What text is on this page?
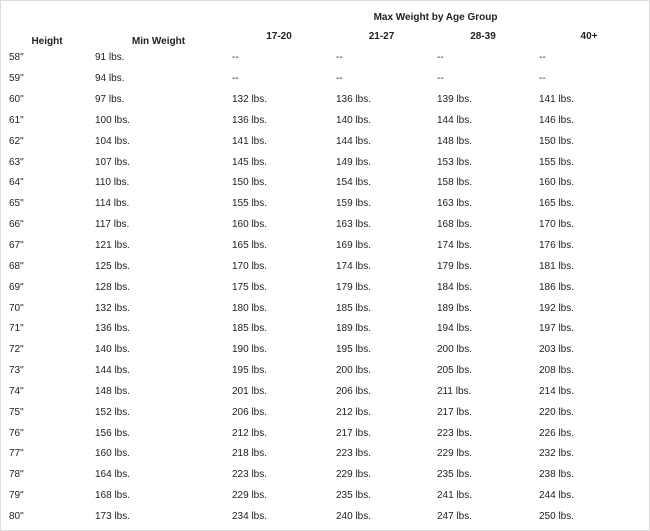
Height	Min Weight	Max Weight by Age Group			
		17-20	21-27	28-39	40+
58"	91 lbs.	--	--	--	--
59"	94 lbs.	--	--	--	--
60"	97 lbs.	132 lbs.	136 lbs.	139 lbs.	141 lbs.
61"	100 lbs.	136 lbs.	140 lbs.	144 lbs.	146 lbs.
62"	104 lbs.	141 lbs.	144 lbs.	148 lbs.	150 lbs.
63"	107 lbs.	145 lbs.	149 lbs.	153 lbs.	155 lbs.
64"	110 lbs.	150 lbs.	154 lbs.	158 lbs.	160 lbs.
65"	114 lbs.	155 lbs.	159 lbs.	163 lbs.	165 lbs.
66"	117 lbs.	160 lbs.	163 lbs.	168 lbs.	170 lbs.
67"	121 lbs.	165 lbs.	169 lbs.	174 lbs.	176 lbs.
68"	125 lbs.	170 lbs.	174 lbs.	179 lbs.	181 lbs.
69"	128 lbs.	175 lbs.	179 lbs.	184 lbs.	186 lbs.
70"	132 lbs.	180 lbs.	185 lbs.	189 lbs.	192 lbs.
71"	136 lbs.	185 lbs.	189 lbs.	194 lbs.	197 lbs.
72"	140 lbs.	190 lbs.	195 lbs.	200 lbs.	203 lbs.
73"	144 lbs.	195 lbs.	200 lbs.	205 lbs.	208 lbs.
74"	148 lbs.	201 lbs.	206 lbs.	211 lbs.	214 lbs.
75"	152 lbs.	206 lbs.	212 lbs.	217 lbs.	220 lbs.
76"	156 lbs.	212 lbs.	217 lbs.	223 lbs.	226 lbs.
77"	160 lbs.	218 lbs.	223 lbs.	229 lbs.	232 lbs.
78"	164 lbs.	223 lbs.	229 lbs.	235 lbs.	238 lbs.
79"	168 lbs.	229 lbs.	235 lbs.	241 lbs.	244 lbs.
80"	173 lbs.	234 lbs.	240 lbs.	247 lbs.	250 lbs.
